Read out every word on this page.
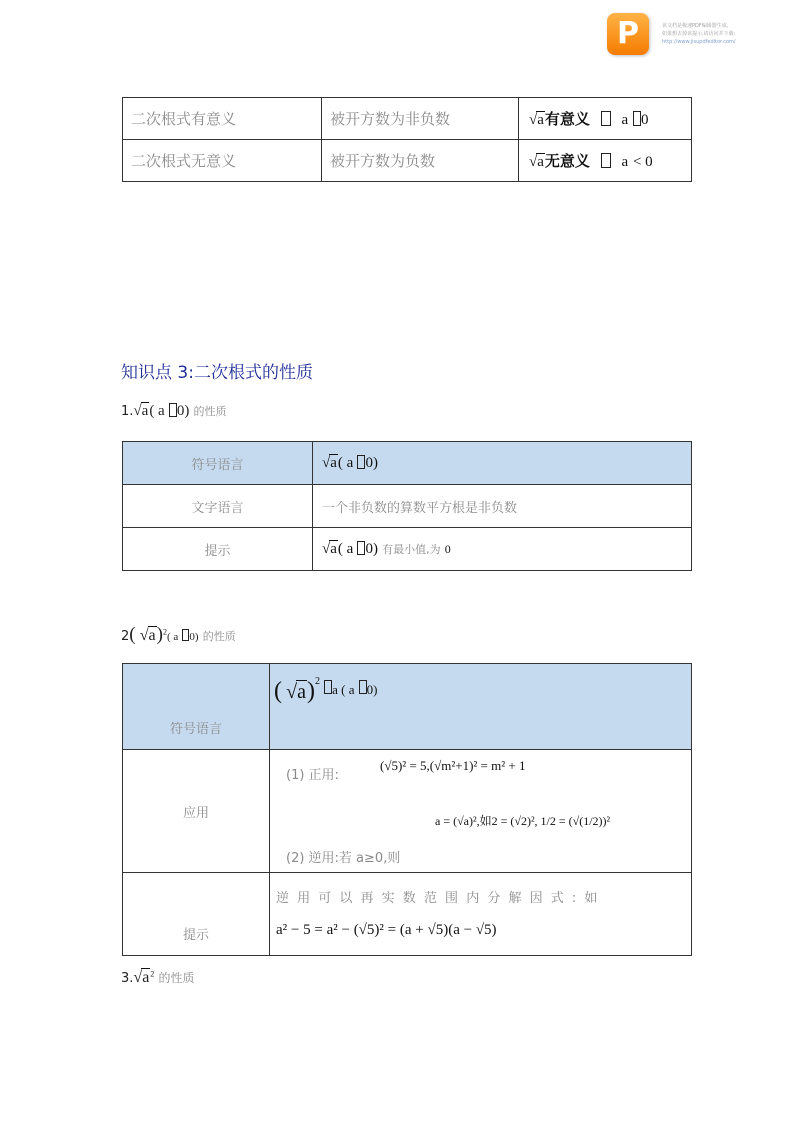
P	该文档是极速PDF编辑器生成,
如果想去掉该提示,请访问并下载:
http://www.jisupdfeditor.com/
二次根式有意义	被开方数为非负数	√a有意义 a 0
二次根式无意义	被开方数为负数	√a无意义 a < 0
知识点 3:二次根式的性质
1.√a( a 0) 的性质
符号语言	√a( a 0)
文字语言	一个非负数的算数平方根是非负数
提示	√a( a 0) 有最小值,为 0
2( √a)$^2$( a 0) 的性质
符号语言	( √a)$^2$ a ( a 0)

应用	(1) 正用:
(√5)² = 5,(√m²+1)² = m² + 1
a = (√a)²,如2 = (√2)², 1/2 = (√(1/2))²
(2) 逆用:若 a≥0,则

提示	逆 用 可 以 再 实 数 范 围 内 分 解 因 式 : 如
a² − 5 = a² − (√5)² = (a + √5)(a − √5)
$3.√a^2$ 的性质
